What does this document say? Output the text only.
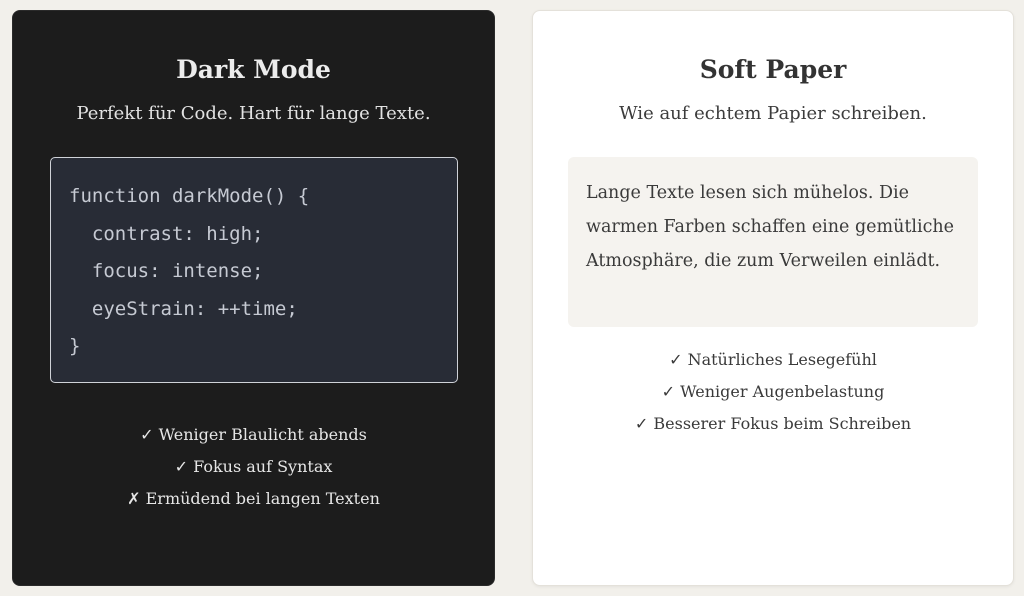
Dark Mode

Perfekt für Code. Hart für lange Texte.

function darkMode() {
contrast: high;
focus: intense;
eyeStrain: ++time;
}
✓ Weniger Blaulicht abends
✓ Fokus auf Syntax
✗ Ermüdend bei langen Texten
Soft Paper

Wie auf echtem Papier schreiben.

Lange Texte lesen sich mühelos. Die warmen Farben schaffen eine gemütliche Atmosphäre, die zum Verweilen einlädt.
✓ Natürliches Lesegefühl
✓ Weniger Augenbelastung
✓ Besserer Fokus beim Schreiben
